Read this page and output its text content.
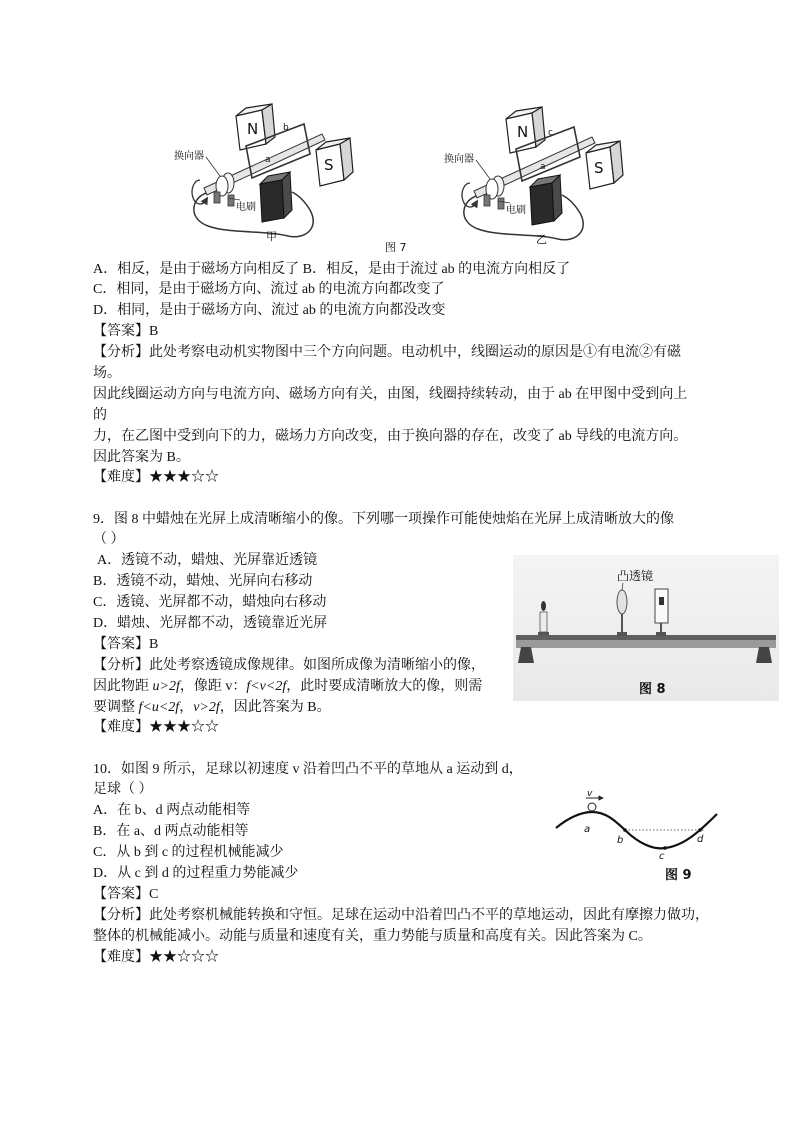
N
S
换向器
电刷
b
a
甲
N
S
换向器
电刷
c
a
乙
图 7
A．相反，是由于磁场方向相反了 B．相反，是由于流过 ab 的电流方向相反了
C．相同，是由于磁场方向、流过 ab 的电流方向都改变了
D．相同，是由于磁场方向、流过 ab 的电流方向都没改变
【答案】B
【分析】此处考察电动机实物图中三个方向问题。电动机中，线圈运动的原因是①有电流②有磁
场。
因此线圈运动方向与电流方向、磁场方向有关，由图，线圈持续转动，由于 ab 在甲图中受到向上
的
力，在乙图中受到向下的力，磁场力方向改变，由于换向器的存在，改变了 ab 导线的电流方向。
因此答案为 B。
【难度】★★★☆☆
9．图 8 中蜡烛在光屏上成清晰缩小的像。下列哪一项操作可能使烛焰在光屏上成清晰放大的像
（ ）
A．透镜不动，蜡烛、光屏靠近透镜
B．透镜不动，蜡烛、光屏向右移动
C．透镜、光屏都不动，蜡烛向右移动
D．蜡烛、光屏都不动，透镜靠近光屏
【答案】B
【分析】此处考察透镜成像规律。如图所成像为清晰缩小的像，
因此物距 u>2f，像距 v：f<v<2f，此时要成清晰放大的像，则需
要调整 f<u<2f，v>2f，因此答案为 B。
【难度】★★★☆☆
凸透镜
图 8
10．如图 9 所示，足球以初速度 v 沿着凹凸不平的草地从 a 运动到 d，
足球（ ）
A．在 b、d 两点动能相等
B．在 a、d 两点动能相等
C．从 b 到 c 的过程机械能减少
D．从 c 到 d 的过程重力势能减少
【答案】C
【分析】此处考察机械能转换和守恒。足球在运动中沿着凹凸不平的草地运动，因此有摩擦力做功，
整体的机械能减小。动能与质量和速度有关，重力势能与质量和高度有关。因此答案为 C。
【难度】★★☆☆☆
v
a
b
c
d
图 9
